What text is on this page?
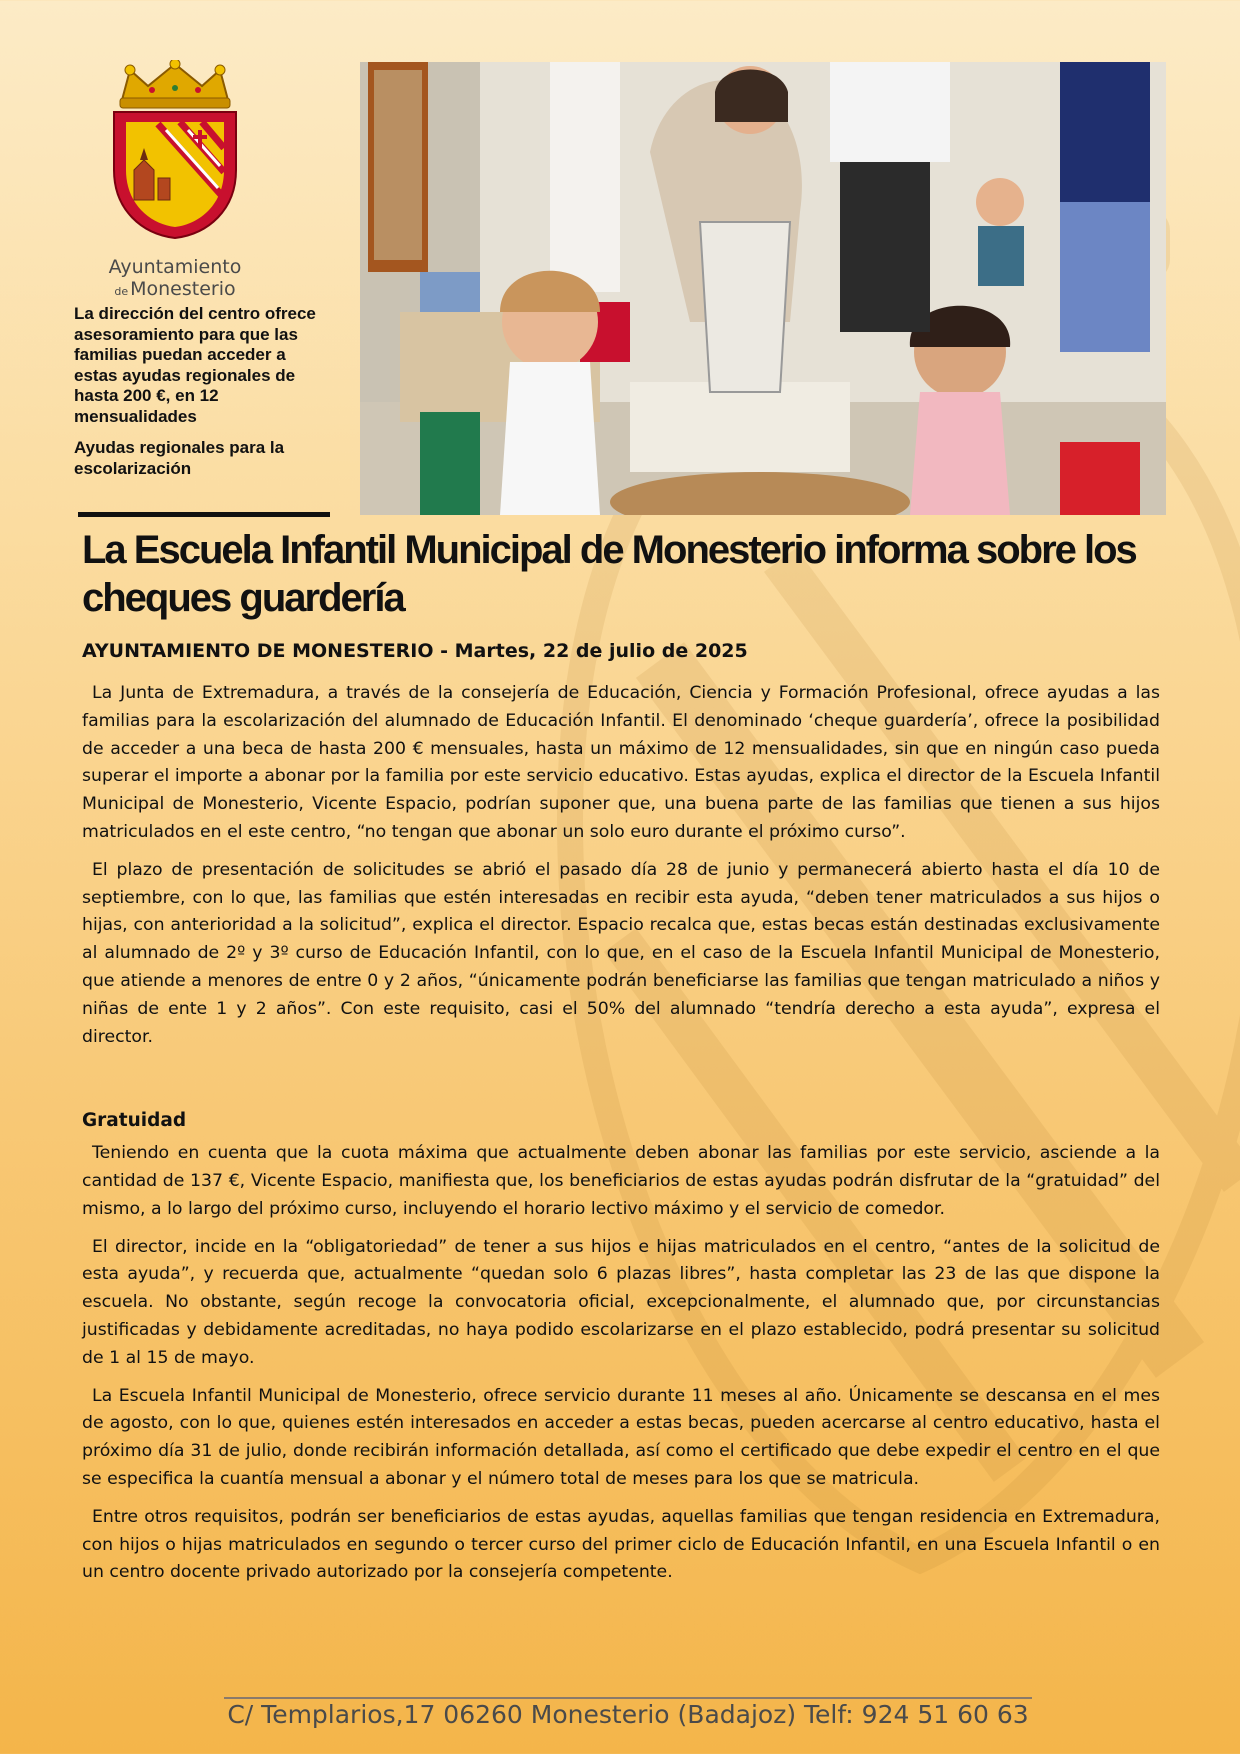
Ayuntamiento
de Monesterio

La dirección del centro ofrece asesoramiento para que las familias puedan acceder a estas ayudas regionales de hasta 200 €, en 12 mensualidades

Ayudas regionales para la escolarización

La Escuela Infantil Municipal de Monesterio informa sobre los cheques guardería

AYUNTAMIENTO DE MONESTERIO - Martes, 22 de julio de 2025

La Junta de Extremadura, a través de la consejería de Educación, Ciencia y Formación Profesional, ofrece ayudas a las familias para la escolarización del alumnado de Educación Infantil. El denominado ‘cheque guardería’, ofrece la posibilidad de acceder a una beca de hasta 200 € mensuales, hasta un máximo de 12 mensualidades, sin que en ningún caso pueda superar el importe a abonar por la familia por este servicio educativo. Estas ayudas, explica el director de la Escuela Infantil Municipal de Monesterio, Vicente Espacio, podrían suponer que, una buena parte de las familias que tienen a sus hijos matriculados en el este centro, “no tengan que abonar un solo euro durante el próximo curso”.

El plazo de presentación de solicitudes se abrió el pasado día 28 de junio y permanecerá abierto hasta el día 10 de septiembre, con lo que, las familias que estén interesadas en recibir esta ayuda, “deben tener matriculados a sus hijos o hijas, con anterioridad a la solicitud”, explica el director. Espacio recalca que, estas becas están destinadas exclusivamente al alumnado de 2º y 3º curso de Educación Infantil, con lo que, en el caso de la Escuela Infantil Municipal de Monesterio, que atiende a menores de entre 0 y 2 años, “únicamente podrán beneficiarse las familias que tengan matriculado a niños y niñas de ente 1 y 2 años”. Con este requisito, casi el 50% del alumnado “tendría derecho a esta ayuda”, expresa el director.

Gratuidad

Teniendo en cuenta que la cuota máxima que actualmente deben abonar las familias por este servicio, asciende a la cantidad de 137 €, Vicente Espacio, manifiesta que, los beneficiarios de estas ayudas podrán disfrutar de la “gratuidad” del mismo, a lo largo del próximo curso, incluyendo el horario lectivo máximo y el servicio de comedor.

El director, incide en la “obligatoriedad” de tener a sus hijos e hijas matriculados en el centro, “antes de la solicitud de esta ayuda”, y recuerda que, actualmente “quedan solo 6 plazas libres”, hasta completar las 23 de las que dispone la escuela. No obstante, según recoge la convocatoria oficial, excepcionalmente, el alumnado que, por circunstancias justificadas y debidamente acreditadas, no haya podido escolarizarse en el plazo establecido, podrá presentar su solicitud de 1 al 15 de mayo.

La Escuela Infantil Municipal de Monesterio, ofrece servicio durante 11 meses al año. Únicamente se descansa en el mes de agosto, con lo que, quienes estén interesados en acceder a estas becas, pueden acercarse al centro educativo, hasta el próximo día 31 de julio, donde recibirán información detallada, así como el certificado que debe expedir el centro en el que se especifica la cuantía mensual a abonar y el número total de meses para los que se matricula.

Entre otros requisitos, podrán ser beneficiarios de estas ayudas, aquellas familias que tengan residencia en Extremadura, con hijos o hijas matriculados en segundo o tercer curso del primer ciclo de Educación Infantil, en una Escuela Infantil o en un centro docente privado autorizado por la consejería competente.

C/ Templarios,17 06260 Monesterio (Badajoz) Telf: 924 51 60 63
